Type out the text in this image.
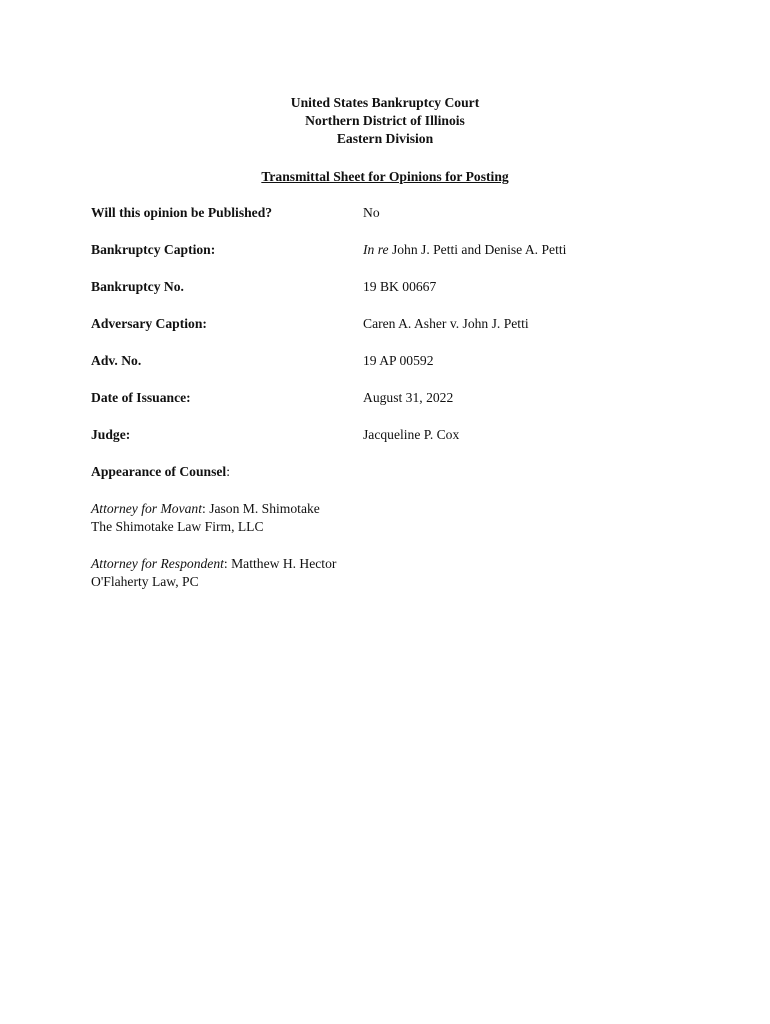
United States Bankruptcy Court
Northern District of Illinois
Eastern Division
Transmittal Sheet for Opinions for Posting
Will this opinion be Published?	No
Bankruptcy Caption:	In re John J. Petti and Denise A. Petti
Bankruptcy No.	19 BK 00667
Adversary Caption:	Caren A. Asher v. John J. Petti
Adv. No.	19 AP 00592
Date of Issuance:	August 31, 2022
Judge:	Jacqueline P. Cox
Appearance of Counsel:
Attorney for Movant: Jason M. Shimotake
The Shimotake Law Firm, LLC
Attorney for Respondent: Matthew H. Hector
O'Flaherty Law, PC
